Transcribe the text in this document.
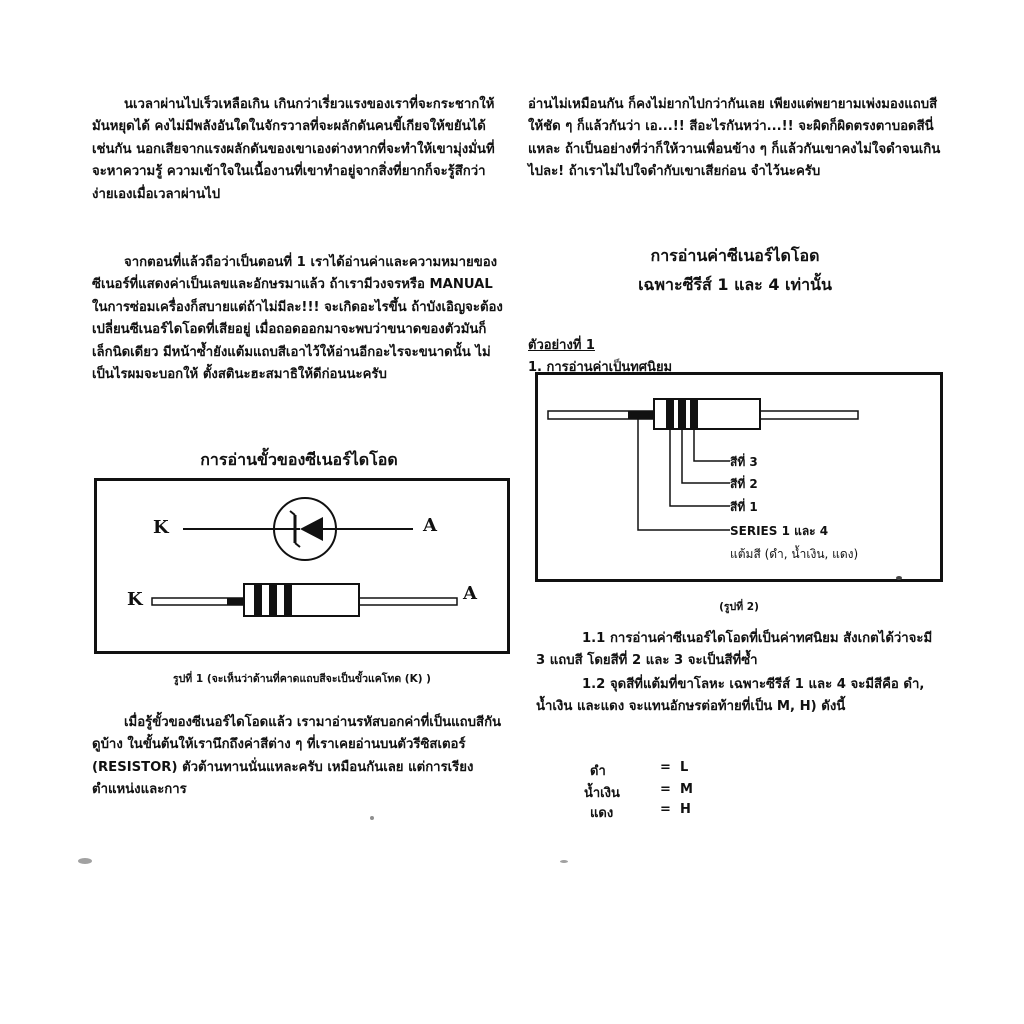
นเวลาผ่านไปเร็วเหลือเกิน เกินกว่าเรี่ยวแรงของเราที่จะกระชากให้มันหยุดได้ คงไม่มีพลังอันใดในจักรวาลที่จะผลักดันคนขี้เกียจให้ขยันได้เช่นกัน นอกเสียจากแรงผลักดันของเขาเองต่างหากที่จะทำให้เขามุ่งมั่นที่จะหาความรู้ ความเข้าใจในเนื้องานที่เขาทำอยู่จากสิ่งที่ยากก็จะรู้สึกว่าง่ายเองเมื่อเวลาผ่านไป

จากตอนที่แล้วถือว่าเป็นตอนที่ 1 เราได้อ่านค่าและความหมายของซีเนอร์ที่แสดงค่าเป็นเลขและอักษรมาแล้ว ถ้าเรามีวงจรหรือ MANUAL ในการซ่อมเครื่องก็สบายแต่ถ้าไม่มีละ!!! จะเกิดอะไรขึ้น ถ้าบังเอิญจะต้องเปลี่ยนซีเนอร์ไดโอดที่เสียอยู่ เมื่อถอดออกมาจะพบว่าขนาดของตัวมันก็เล็กนิดเดียว มีหน้าซ้ำยังแต้มแถบสีเอาไว้ให้อ่านอีกอะไรจะขนาดนั้น ไม่เป็นไรผมจะบอกให้ ตั้งสตินะฮะสมาธิให้ดีก่อนนะครับ

การอ่านขั้วของซีเนอร์ไดโอด
K	A
K	A

รูปที่ 1 (จะเห็นว่าด้านที่คาดแถบสีจะเป็นขั้วแคโทด (K) )

เมื่อรู้ขั้วของซีเนอร์ไดโอดแล้ว เรามาอ่านรหัสบอกค่าที่เป็นแถบสีกันดูบ้าง ในขั้นต้นให้เรานึกถึงค่าสีต่าง ๆ ที่เราเคยอ่านบนตัวรีซิสเตอร์ (RESISTOR) ตัวต้านทานนั่นแหละครับ เหมือนกันเลย แต่การเรียงตำแหน่งและการ

อ่านไม่เหมือนกัน ก็คงไม่ยากไปกว่ากันเลย เพียงแต่พยายามเพ่งมองแถบสีให้ชัด ๆ ก็แล้วกันว่า เอ...!! สีอะไรกันหว่า...!! จะผิดก็ผิดตรงตาบอดสีนี่แหละ ถ้าเป็นอย่างที่ว่าก็ให้วานเพื่อนข้าง ๆ ก็แล้วกันเขาคงไม่ใจดำจนเกินไปละ! ถ้าเราไม่ไปใจดำกับเขาเสียก่อน จำไว้นะครับ

การอ่านค่าซีเนอร์ไดโอด
เฉพาะซีรีส์ 1 และ 4 เท่านั้น
ตัวอย่างที่ 1
1. การอ่านค่าเป็นทศนิยม
สีที่ 3
สีที่ 2
สีที่ 1
SERIES 1 และ 4
แต้มสี (ดำ, น้ำเงิน, แดง)

(รูปที่ 2)

1.1 การอ่านค่าซีเนอร์ไดโอดที่เป็นค่าทศนิยม สังเกตได้ว่าจะมี 3 แถบสี โดยสีที่ 2 และ 3 จะเป็นสีที่ซ้ำ

1.2 จุดสีที่แต้มที่ขาโลหะ เฉพาะซีรีส์ 1 และ 4 จะมีสีคือ ดำ, น้ำเงิน และแดง จะแทนอักษรต่อท้ายที่เป็น M, H) ดังนี้

ดำ	= L
น้ำเงิน	= M
แดง	= H
